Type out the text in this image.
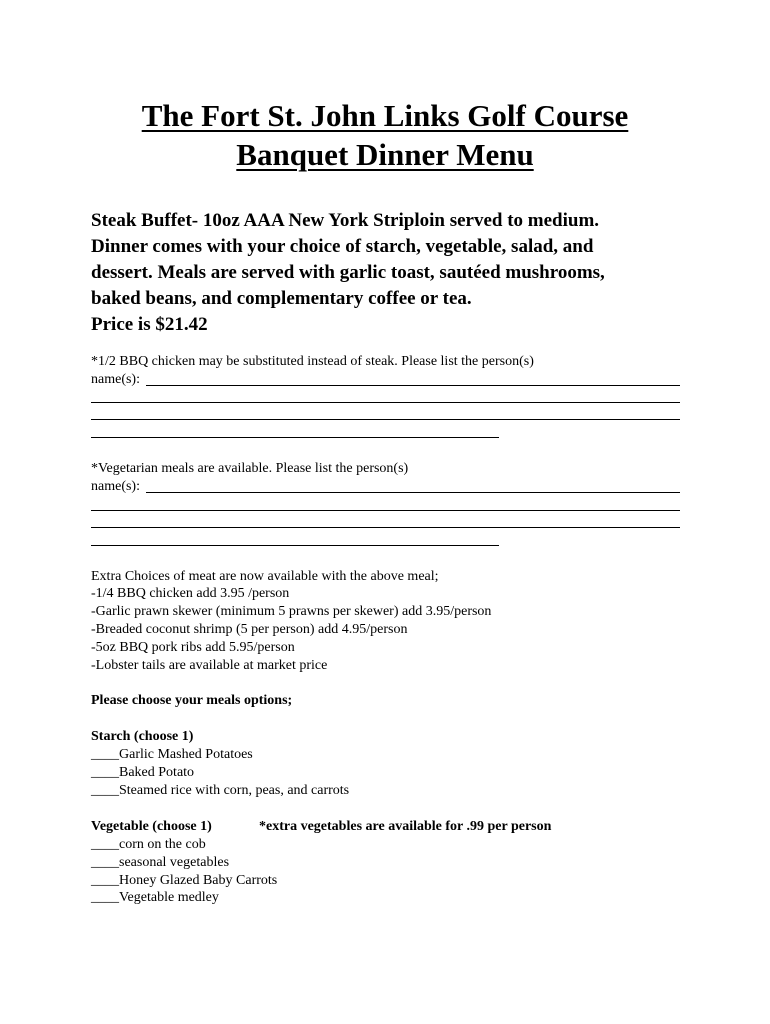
The Fort St. John Links Golf Course
Banquet Dinner Menu
Steak Buffet- 10oz AAA New York Striploin served to medium.
Dinner comes with your choice of starch, vegetable, salad, and
dessert. Meals are served with garlic toast, sautéed mushrooms,
baked beans, and complementary coffee or tea.
Price is $21.42
*1/2 BBQ chicken may be substituted instead of steak. Please list the person(s)
name(s):
*Vegetarian meals are available. Please list the person(s)
name(s):
Extra Choices of meat are now available with the above meal;
-1/4 BBQ chicken add 3.95 /person
-Garlic prawn skewer (minimum 5 prawns per skewer) add 3.95/person
-Breaded coconut shrimp (5 per person) add 4.95/person
-5oz BBQ pork ribs add 5.95/person
-Lobster tails are available at market price
Please choose your meals options;
Starch (choose 1)
____Garlic Mashed Potatoes
____Baked Potato
____Steamed rice with corn, peas, and carrots
Vegetable (choose 1)	*extra vegetables are available for .99 per person
____corn on the cob
____seasonal vegetables
____Honey Glazed Baby Carrots
____Vegetable medley
